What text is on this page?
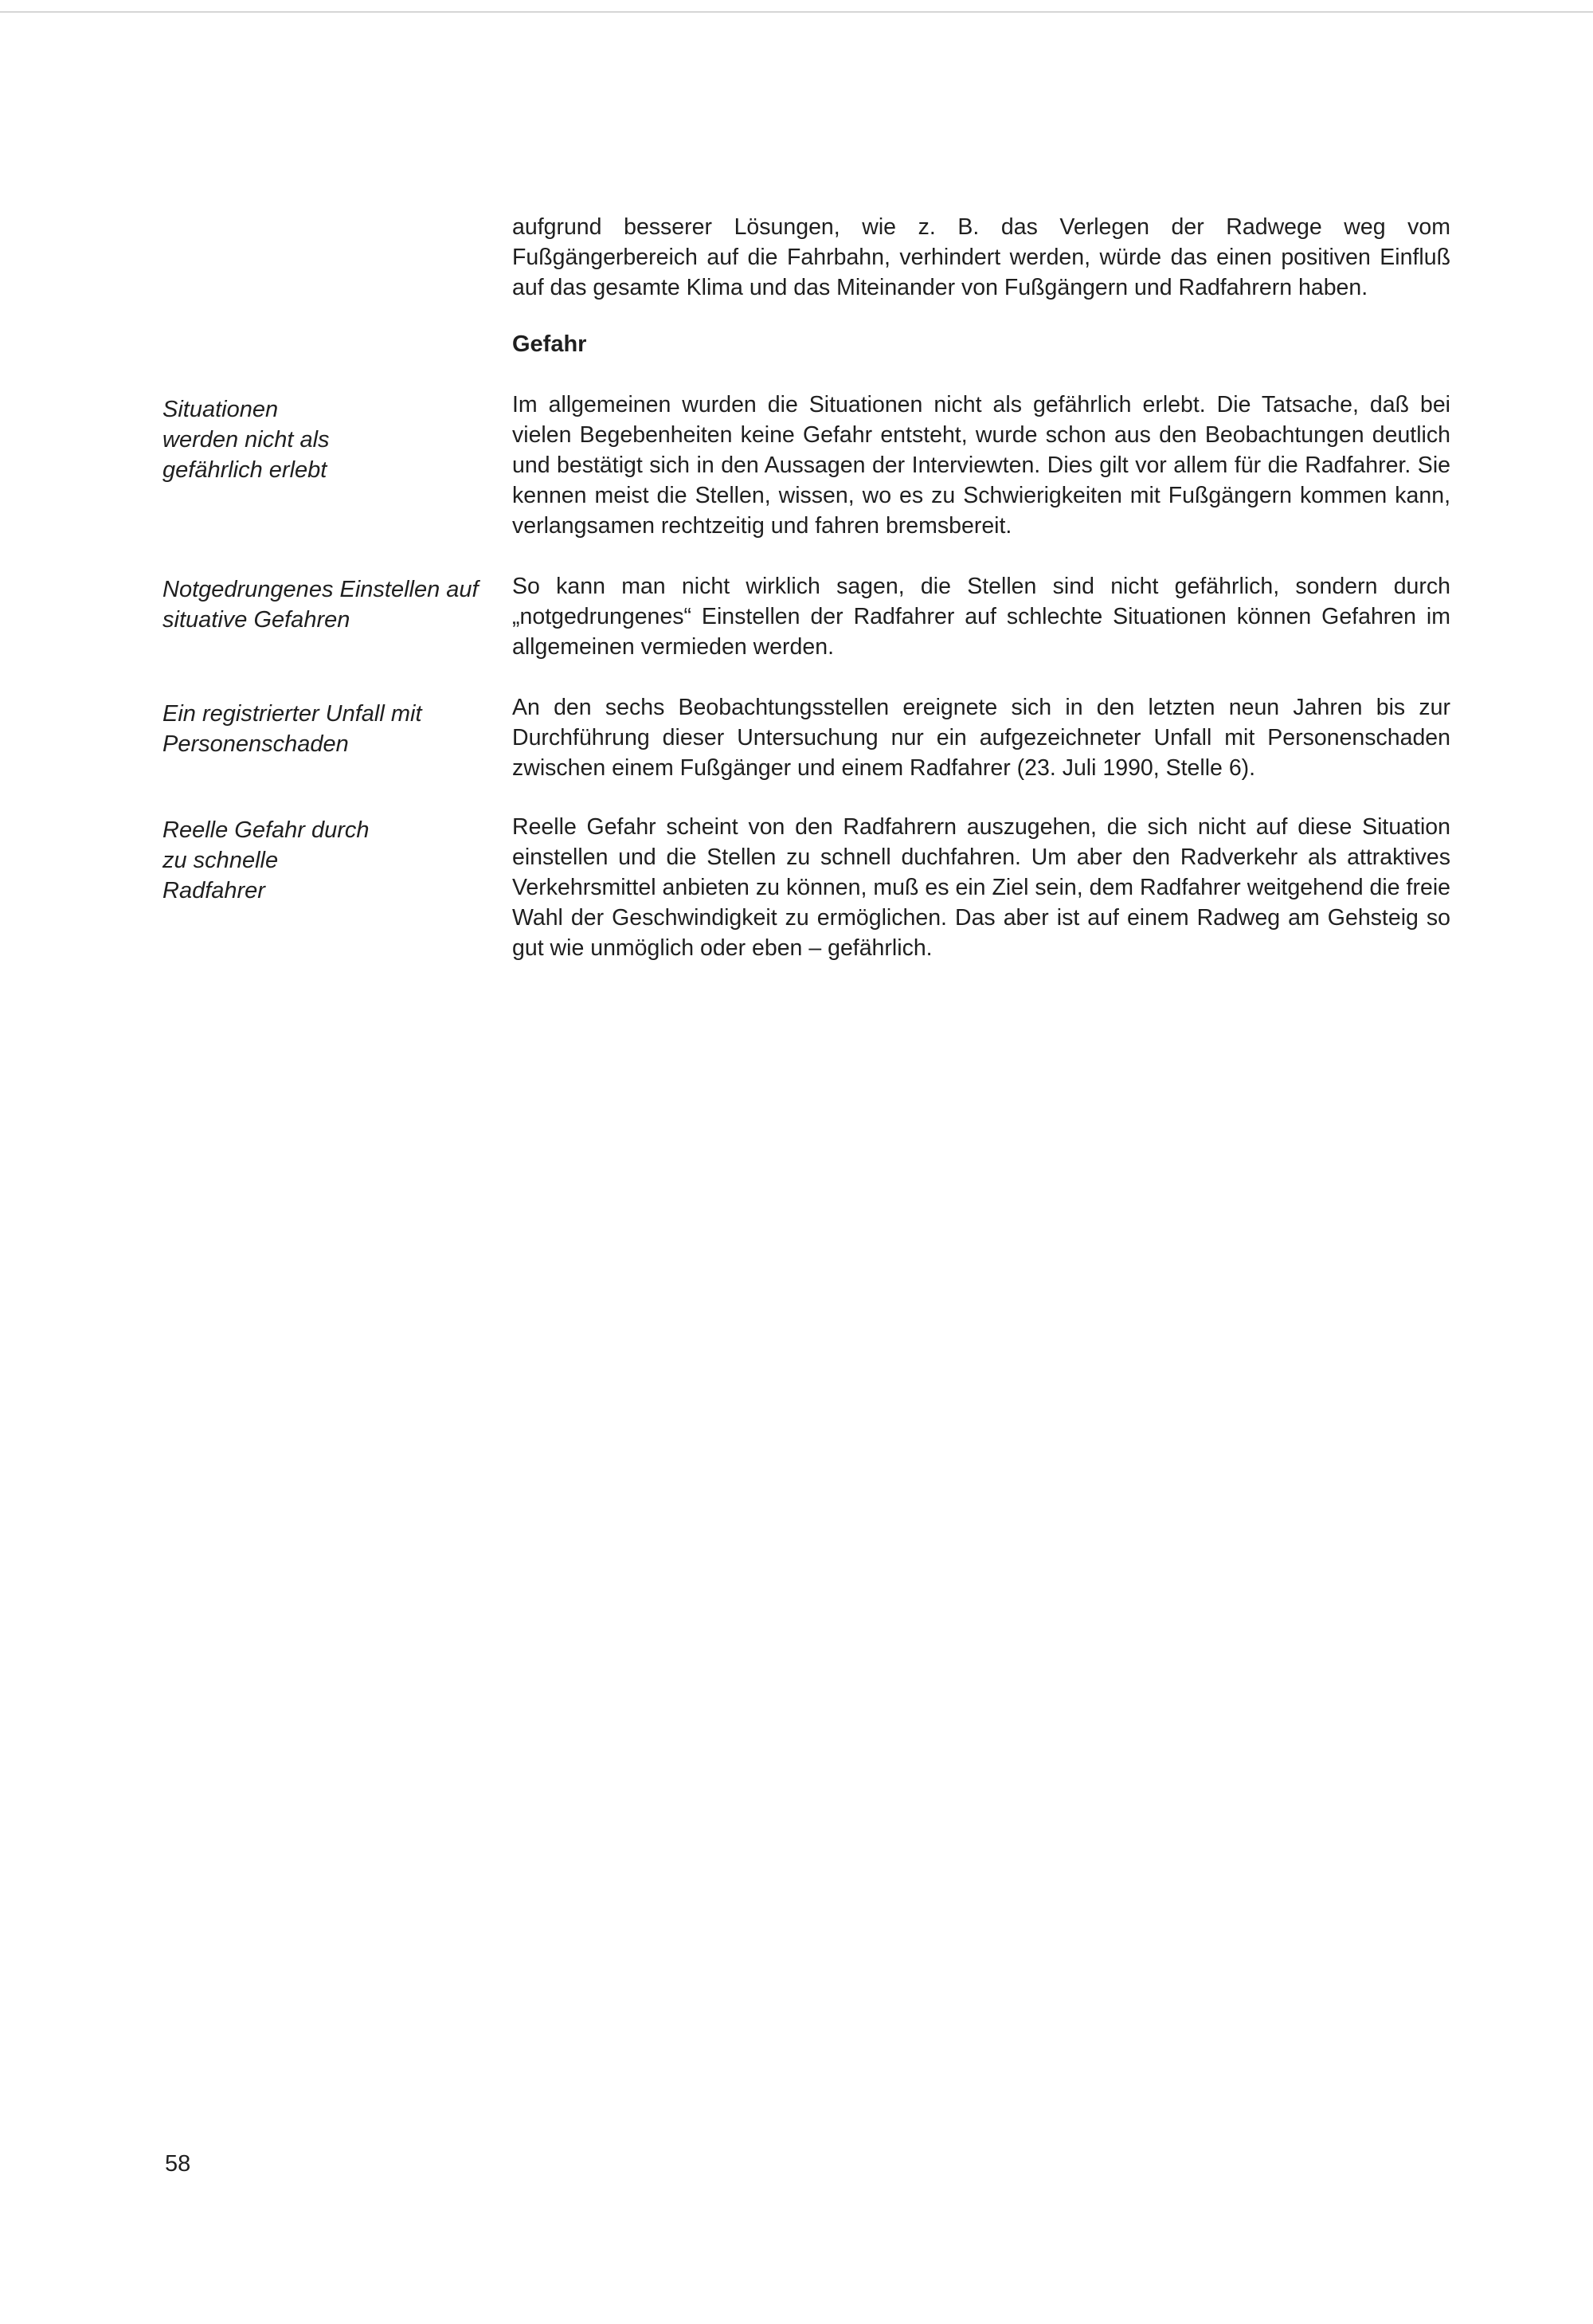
aufgrund besserer Lösungen, wie z. B. das Verlegen der Radwege weg vom Fußgängerbereich auf die Fahrbahn, verhindert werden, würde das einen positiven Einfluß auf das gesamte Klima und das Miteinander von Fußgängern und Radfahrern haben.

Gefahr

Situationen werden nicht als gefährlich erlebt

Im allgemeinen wurden die Situationen nicht als gefährlich erlebt. Die Tatsache, daß bei vielen Begebenheiten keine Gefahr entsteht, wurde schon aus den Beobachtungen deutlich und bestätigt sich in den Aussagen der Interviewten. Dies gilt vor allem für die Radfahrer. Sie kennen meist die Stellen, wissen, wo es zu Schwierigkeiten mit Fußgängern kommen kann, verlangsamen rechtzeitig und fahren bremsbereit.

Notgedrungenes Einstellen auf situative Gefahren

So kann man nicht wirklich sagen, die Stellen sind nicht gefährlich, sondern durch „notgedrungenes“ Einstellen der Radfahrer auf schlechte Situationen können Gefahren im allgemeinen vermieden werden.

Ein registrierter Unfall mit Personenschaden

An den sechs Beobachtungsstellen ereignete sich in den letzten neun Jahren bis zur Durchführung dieser Untersuchung nur ein aufgezeichneter Unfall mit Personenschaden zwischen einem Fußgänger und einem Radfahrer (23. Juli 1990, Stelle 6).

Reelle Gefahr durch zu schnelle Radfahrer

Reelle Gefahr scheint von den Radfahrern auszugehen, die sich nicht auf diese Situation einstellen und die Stellen zu schnell duchfahren. Um aber den Radverkehr als attraktives Verkehrsmittel anbieten zu können, muß es ein Ziel sein, dem Radfahrer weitgehend die freie Wahl der Geschwindigkeit zu ermöglichen. Das aber ist auf einem Radweg am Gehsteig so gut wie unmöglich oder eben – gefährlich.

58
